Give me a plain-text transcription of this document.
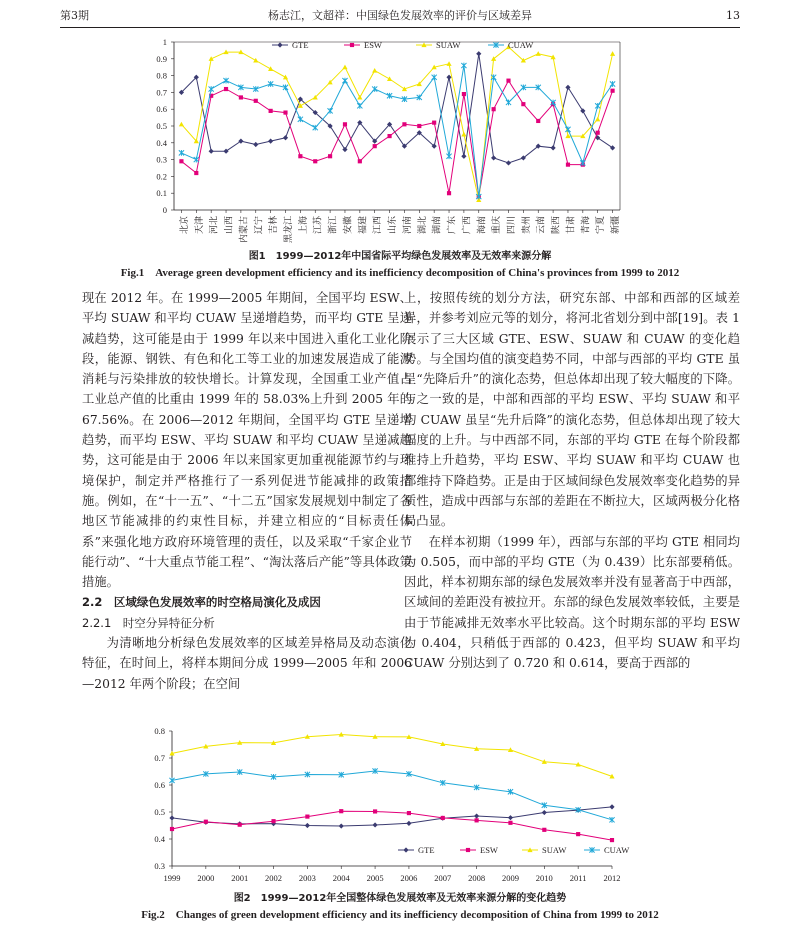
第3期	杨志江，文超祥：中国绿色发展效率的评价与区域差异	13
0
0.1
0.2
0.3
0.4
0.5
0.6
0.7
0.8
0.9
1
北京 天津 河北 山西 内蒙古 辽宁 吉林 黑龙江 上海 江苏 浙江 安徽 福建 江西 山东 河南 湖北 湖南 广东 广西 海南 重庆 四川 贵州 云南 陕西 甘肃 青海 宁夏 新疆
GTE	ESW	SUAW	CUAW
图1　1999—2012年中国省际平均绿色发展效率及无效率来源分解
Fig.1　Average green development efficiency and its inefficiency decomposition of China's provinces from 1999 to 2012

现在 2012 年。在 1999—2005 年期间，全国平均 ESW、平均 SUAW 和平均 CUAW 呈递增趋势，而平均 GTE 呈递减趋势，这可能是由于 1999 年以来中国进入重化工业化阶段，能源、钢铁、有色和化工等工业的加速发展造成了能源消耗与污染排放的较快增长。计算发现，全国重工业产值占工业总产值的比重由 1999 年的 58.03%上升到 2005 年的 67.56%。在 2006—2012 年期间，全国平均 GTE 呈递增趋势，而平均 ESW、平均 SUAW 和平均 CUAW 呈递减趋势，这可能是由于 2006 年以来国家更加重视能源节约与环境保护，制定并严格推行了一系列促进节能减排的政策措施。例如，在“十一五”、“十二五”国家发展规划中制定了各地区节能减排的约束性目标，并建立相应的“目标责任体系”来强化地方政府环境管理的责任，以及采取“千家企业节能行动”、“十大重点节能工程”、“淘汰落后产能”等具体政策措施。

2.2　区域绿色发展效率的时空格局演化及成因

2.2.1　时空分异特征分析

为清晰地分析绿色发展效率的区域差异格局及动态演化特征，在时间上，将样本期间分成 1999—2005 年和 2006—2012 年两个阶段；在空间

上，按照传统的划分方法，研究东部、中部和西部的区域差异，并参考刘应元等的划分，将河北省划分到中部[19]。表 1 展示了三大区域 GTE、ESW、SUAW 和 CUAW 的变化趋势。与全国均值的演变趋势不同，中部与西部的平均 GTE 虽呈“先降后升”的演化态势，但总体却出现了较大幅度的下降。与之一致的是，中部和西部的平均 ESW、平均 SUAW 和平均 CUAW 虽呈“先升后降”的演化态势，但总体却出现了较大幅度的上升。与中西部不同，东部的平均 GTE 在每个阶段都维持上升趋势，平均 ESW、平均 SUAW 和平均 CUAW 也都维持下降趋势。正是由于区域间绿色发展效率变化趋势的异质性，造成中西部与东部的差距在不断拉大，区域两极分化格局凸显。

在样本初期（1999 年），西部与东部的平均 GTE 相同均为 0.505，而中部的平均 GTE（为 0.439）比东部要稍低。因此，样本初期东部的绿色发展效率并没有显著高于中西部，区域间的差距没有被拉开。东部的绿色发展效率较低，主要是由于节能减排无效率水平比较高。这个时期东部的平均 ESW 为 0.404，只稍低于西部的 0.423，但平均 SUAW 和平均 CUAW 分别达到了 0.720 和 0.614，要高于西部的

0.3
0.4
0.5
0.6
0.7
0.8
1999 2000 2001 2002 2003 2004 2005 2006 2007 2008 2009 2010 2011 2012
GTE	ESW	SUAW	CUAW
图2　1999—2012年全国整体绿色发展效率及无效率来源分解的变化趋势
Fig.2　Changes of green development efficiency and its inefficiency decomposition of China from 1999 to 2012
